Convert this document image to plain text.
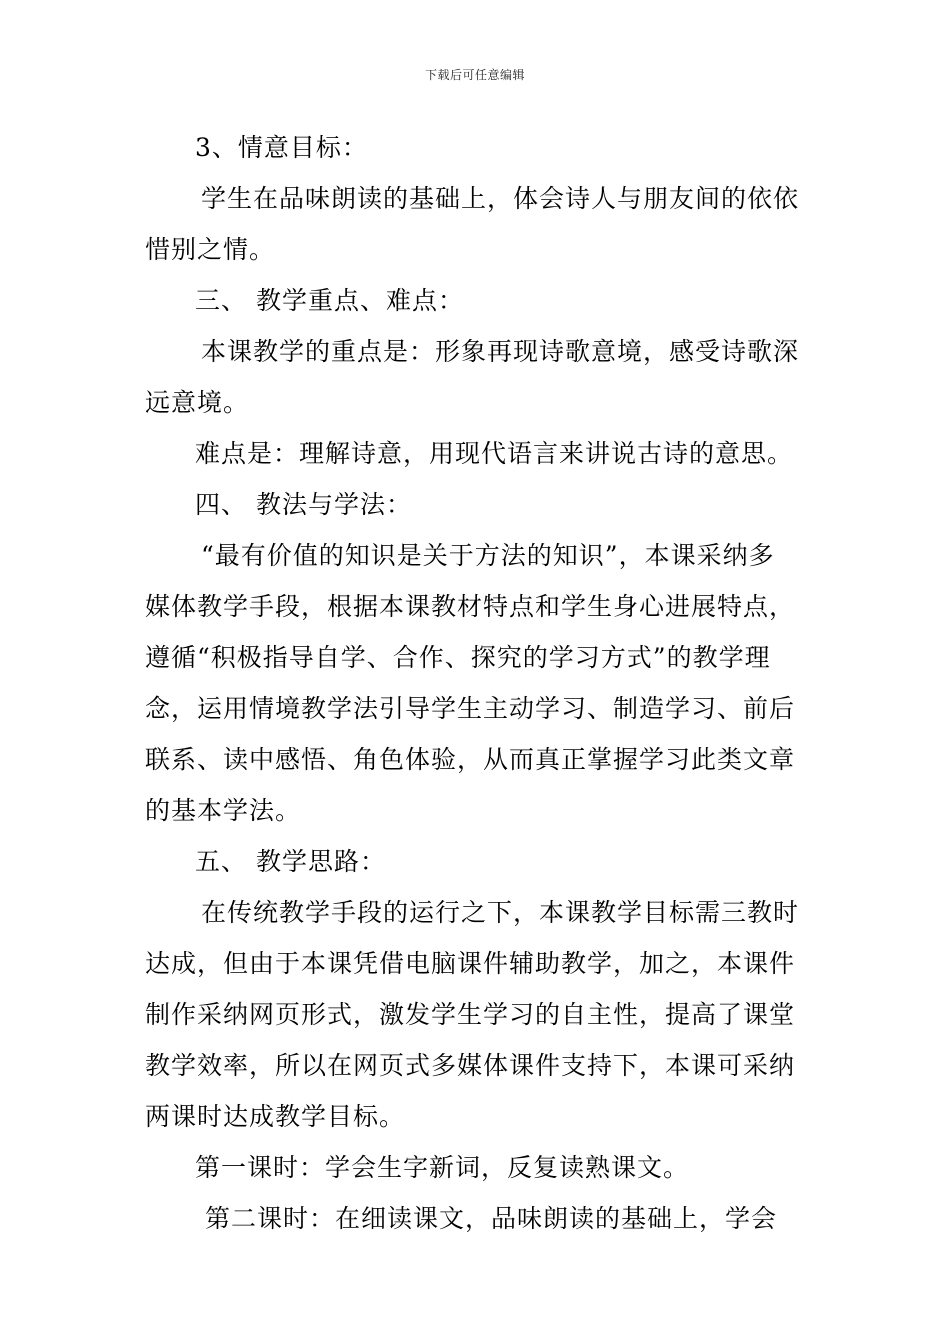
下载后可任意编辑
3、情意目标：
学生在品味朗读的基础上，体会诗人与朋友间的依依
惜别之情。
三、 教学重点、难点：
本课教学的重点是：形象再现诗歌意境，感受诗歌深
远意境。
难点是：理解诗意，用现代语言来讲说古诗的意思。
四、 教法与学法：
“最有价值的知识是关于方法的知识”，本课采纳多
媒体教学手段，根据本课教材特点和学生身心进展特点，
遵循“积极指导自学、合作、探究的学习方式”的教学理
念，运用情境教学法引导学生主动学习、制造学习、前后
联系、读中感悟、角色体验，从而真正掌握学习此类文章
的基本学法。
五、 教学思路：
在传统教学手段的运行之下，本课教学目标需三教时
达成，但由于本课凭借电脑课件辅助教学，加之，本课件
制作采纳网页形式，激发学生学习的自主性，提高了课堂
教学效率，所以在网页式多媒体课件支持下，本课可采纳
两课时达成教学目标。
第一课时：学会生字新词，反复读熟课文。
第二课时：在细读课文，品味朗读的基础上，学会
